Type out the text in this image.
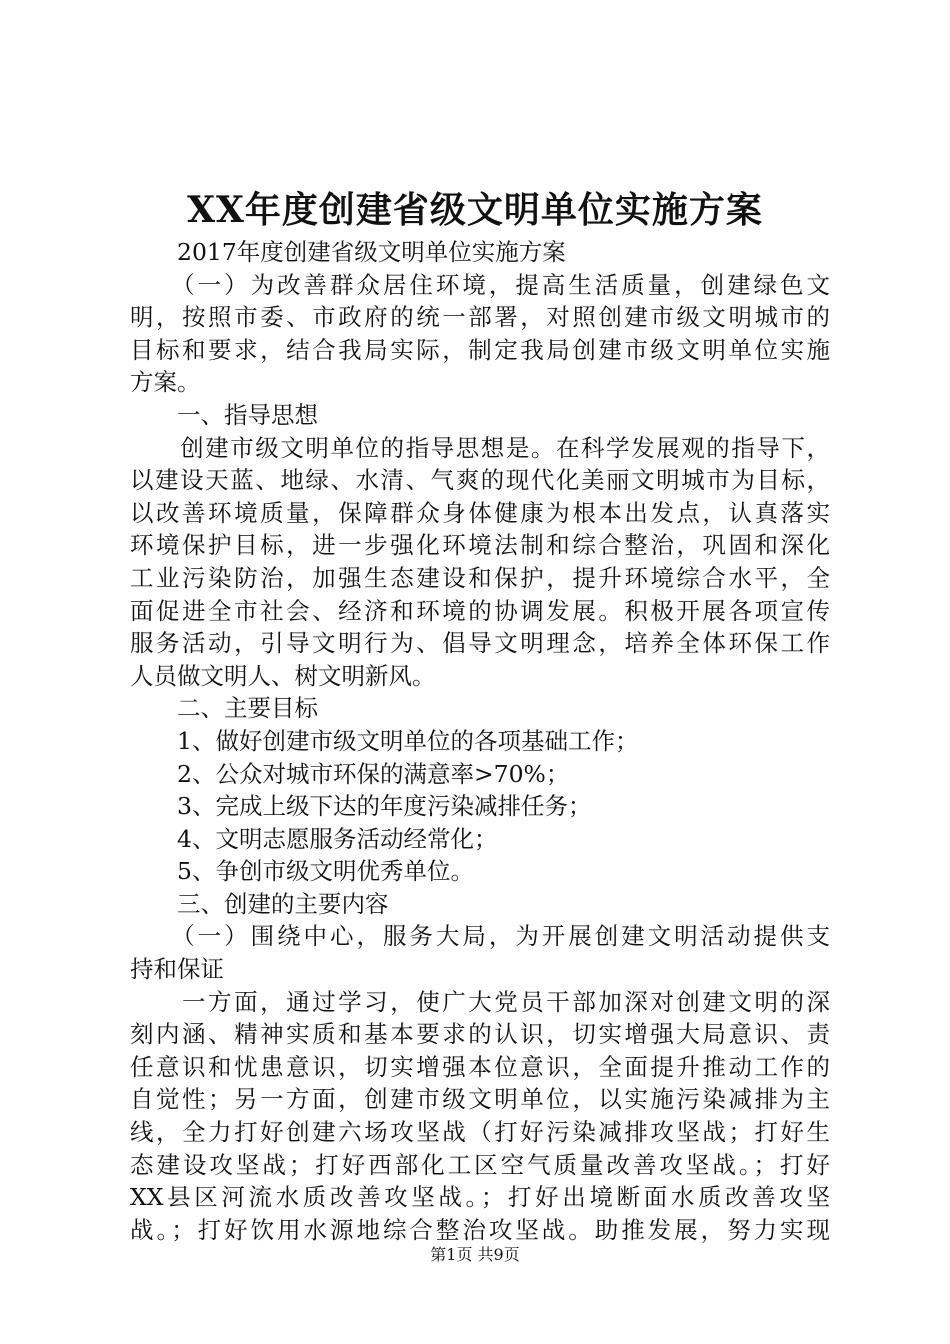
XX年度创建省级文明单位实施方案
　　2017年度创建省级文明单位实施方案
　　（一）为改善群众居住环境，提高生活质量，创建绿色文
明，按照市委、市政府的统一部署，对照创建市级文明城市的
目标和要求，结合我局实际，制定我局创建市级文明单位实施
方案。
　　一、指导思想
　　创建市级文明单位的指导思想是。在科学发展观的指导下，
以建设天蓝、地绿、水清、气爽的现代化美丽文明城市为目标，
以改善环境质量，保障群众身体健康为根本出发点，认真落实
环境保护目标，进一步强化环境法制和综合整治，巩固和深化
工业污染防治，加强生态建设和保护，提升环境综合水平，全
面促进全市社会、经济和环境的协调发展。积极开展各项宣传
服务活动，引导文明行为、倡导文明理念，培养全体环保工作
人员做文明人、树文明新风。
　　二、主要目标
　　1、做好创建市级文明单位的各项基础工作；
　　2、公众对城市环保的满意率>70%；
　　3、完成上级下达的年度污染减排任务；
　　4、文明志愿服务活动经常化；
　　5、争创市级文明优秀单位。
　　三、创建的主要内容
　　（一）围绕中心，服务大局，为开展创建文明活动提供支
持和保证
　　一方面，通过学习，使广大党员干部加深对创建文明的深
刻内涵、精神实质和基本要求的认识，切实增强大局意识、责
任意识和忧患意识，切实增强本位意识，全面提升推动工作的
自觉性；另一方面，创建市级文明单位，以实施污染减排为主
线，全力打好创建六场攻坚战（打好污染减排攻坚战；打好生
态建设攻坚战；打好西部化工区空气质量改善攻坚战。；打好
XX县区河流水质改善攻坚战。；打好出境断面水质改善攻坚
战。；打好饮用水源地综合整治攻坚战。助推发展，努力实现
第1页 共9页
